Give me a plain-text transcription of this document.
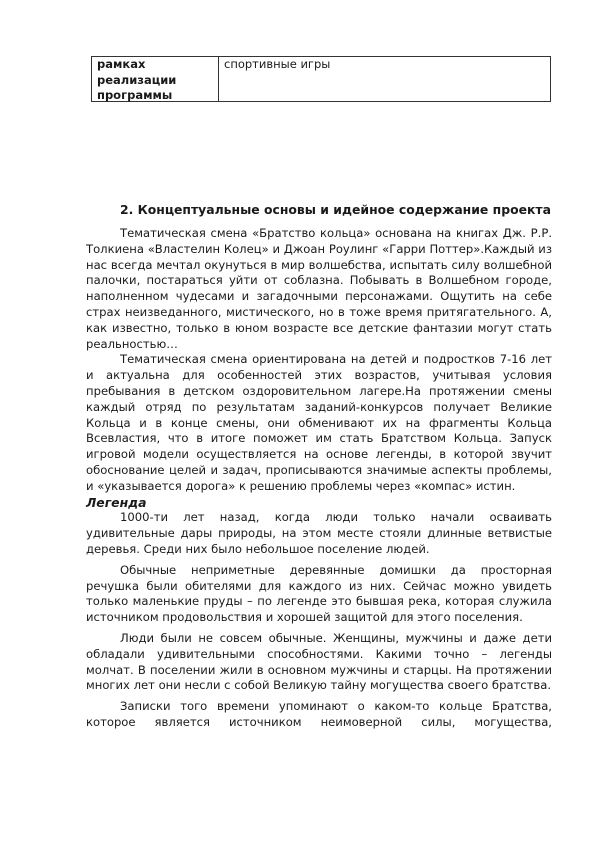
рамках реализации программы
спортивные игры
2. Концептуальные основы и идейное содержание проекта

Тематическая смена «Братство кольца» основана на книгах Дж. Р.Р. Толкиена «Властелин Колец» и Джоан Роулинг «Гарри Поттер».Каждый из нас всегда мечтал окунуться в мир волшебства, испытать силу волшебной палочки, постараться уйти от соблазна. Побывать в Волшебном городе, наполненном чудесами и загадочными персонажами. Ощутить на себе страх неизведанного, мистического, но в тоже время притягательного. А, как известно, только в юном возрасте все детские фантазии могут стать реальностью…

Тематическая смена ориентирована на детей и подростков 7-16 лет и актуальна для особенностей этих возрастов, учитывая условия пребывания в детском оздоровительном лагере.На протяжении смены каждый отряд по результатам заданий-конкурсов получает Великие Кольца и в конце смены, они обменивают их на фрагменты Кольца Всевластия, что в итоге поможет им стать Братством Кольца. Запуск игровой модели осуществляется на основе легенды, в которой звучит обоснование целей и задач, прописываются значимые аспекты проблемы, и «указывается дорога» к решению проблемы через «компас» истин.

Легенда

1000-ти лет назад, когда люди только начали осваивать удивительные дары природы, на этом месте стояли длинные ветвистые деревья. Среди них было небольшое поселение людей.

Обычные неприметные деревянные домишки да просторная речушка были обителями для каждого из них. Сейчас можно увидеть только маленькие пруды – по легенде это бывшая река, которая служила источником продовольствия и хорошей защитой для этого поселения.

Люди были не совсем обычные. Женщины, мужчины и даже дети обладали удивительными способностями. Какими точно – легенды молчат. В поселении жили в основном мужчины и старцы. На протяжении многих лет они несли с собой Великую тайну могущества своего братства.

Записки того времени упоминают о каком-то кольце Братства, которое является источником неимоверной силы, могущества,
